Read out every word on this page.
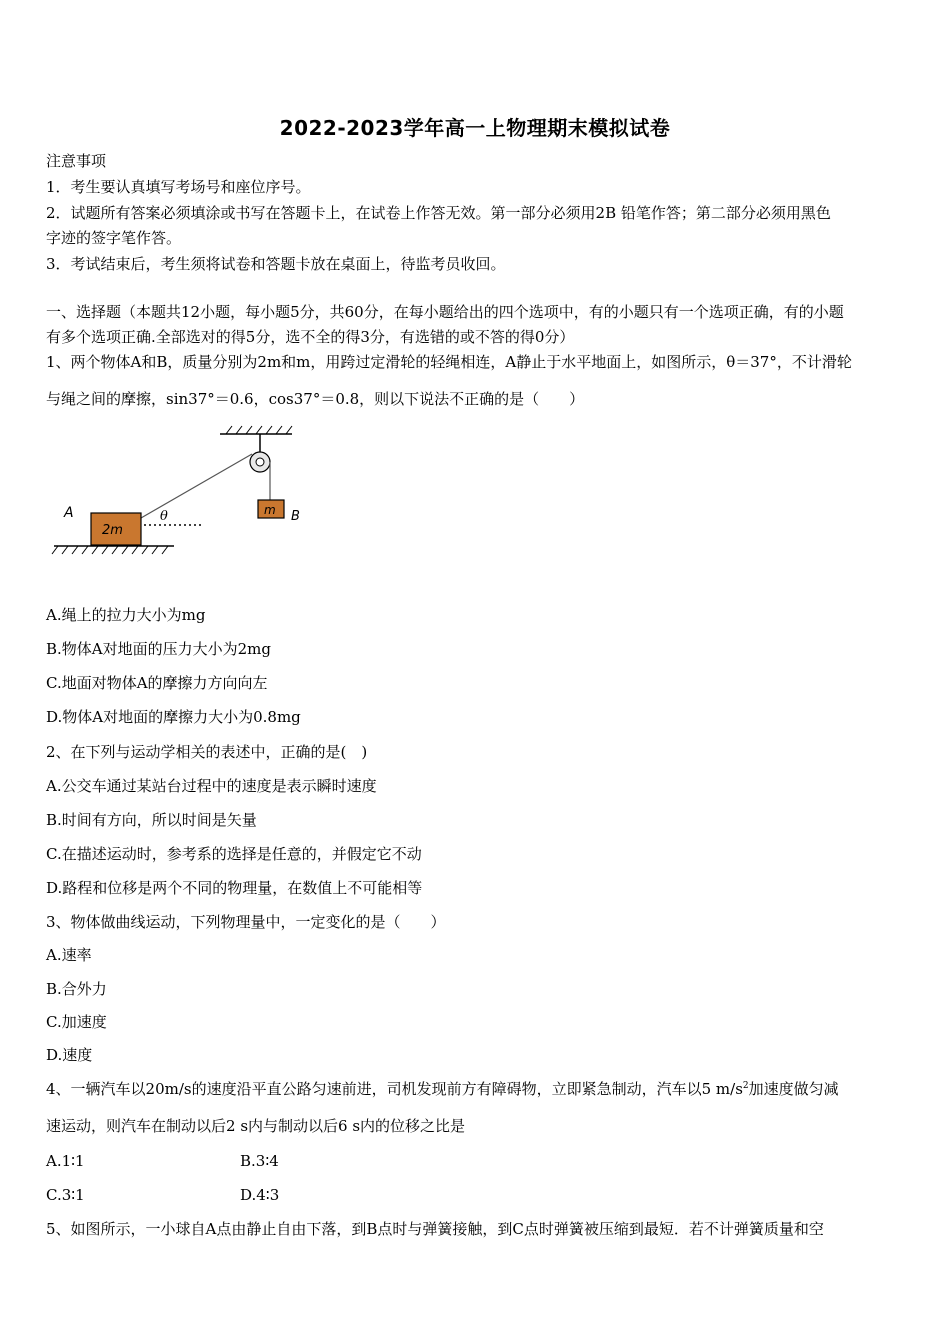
2022-2023学年高一上物理期末模拟试卷
注意事项
1．考生要认真填写考场号和座位序号。
2．试题所有答案必须填涂或书写在答题卡上，在试卷上作答无效。第一部分必须用2B 铅笔作答；第二部分必须用黑色
字迹的签字笔作答。
3．考试结束后，考生须将试卷和答题卡放在桌面上，待监考员收回。
一、选择题（本题共12小题，每小题5分，共60分，在每小题给出的四个选项中，有的小题只有一个选项正确，有的小题
有多个选项正确.全部选对的得5分，选不全的得3分，有选错的或不答的得0分）
1、两个物体A和B，质量分别为2m和m，用跨过定滑轮的轻绳相连，A静止于水平地面上，如图所示，θ＝37°，不计滑轮
与绳之间的摩擦，sin37°＝0.6，cos37°＝0.8，则以下说法不正确的是（　　）
m B
2m
A	θ
A.绳上的拉力大小为mg
B.物体A对地面的压力大小为2mg
C.地面对物体A的摩擦力方向向左
D.物体A对地面的摩擦力大小为0.8mg
2、在下列与运动学相关的表述中，正确的是(　)
A.公交车通过某站台过程中的速度是表示瞬时速度
B.时间有方向，所以时间是矢量
C.在描述运动时，参考系的选择是任意的，并假定它不动
D.路程和位移是两个不同的物理量，在数值上不可能相等
3、物体做曲线运动，下列物理量中，一定变化的是（　　）
A.速率
B.合外力
C.加速度
D.速度
4、一辆汽车以20m/s的速度沿平直公路匀速前进，司机发现前方有障碍物，立即紧急制动，汽车以5 $m/s^2$加速度做匀减
速运动，则汽车在制动以后2 s内与制动以后6 s内的位移之比是
A.1∶1	B.3∶4
C.3∶1	D.4∶3
5、如图所示，一小球自A点由静止自由下落，到B点时与弹簧接触，到C点时弹簧被压缩到最短．若不计弹簧质量和空
